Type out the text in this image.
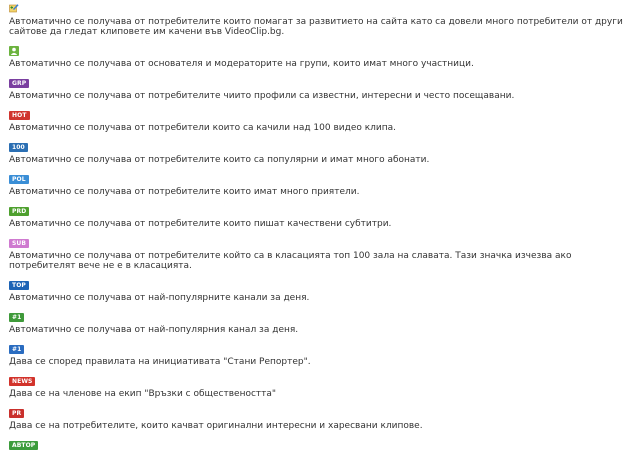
Автоматично се получава от потребителите които помагат за развитието на сайта като са довели много потребители от други сайтове да гледат клиповете им качени във VideoClip.bg.
Автоматично се получава от основателя и модераторите на групи, които имат много участници.
GRP
Автоматично се получава от потребителите чиито профили са известни, интересни и често посещавани.
HOT
Автоматично се получава от потребители които са качили над 100 видео клипа.
100
Автоматично се получава от потребителите които са популярни и имат много абонати.
POL
Автоматично се получава от потребителите които имат много приятели.
PRD
Автоматично се получава от потребителите които пишат качествени субтитри.
SUB
Автоматично се получава от потребителите който са в класацията топ 100 зала на славата. Тази значка изчезва ако потребителят вече не е в класацията.
TOP
Автоматично се получава от най-популярните канали за деня.
#1
Автоматично се получава от най-популярния канал за деня.
#1
Дава се според правилата на инициативата "Стани Репортер".
NEWS
Дава се на членове на екип "Връзки с обществеността"
PR
Дава се на потребителите, които качват оригинални интересни и харесвани клипове.
ABTOP
